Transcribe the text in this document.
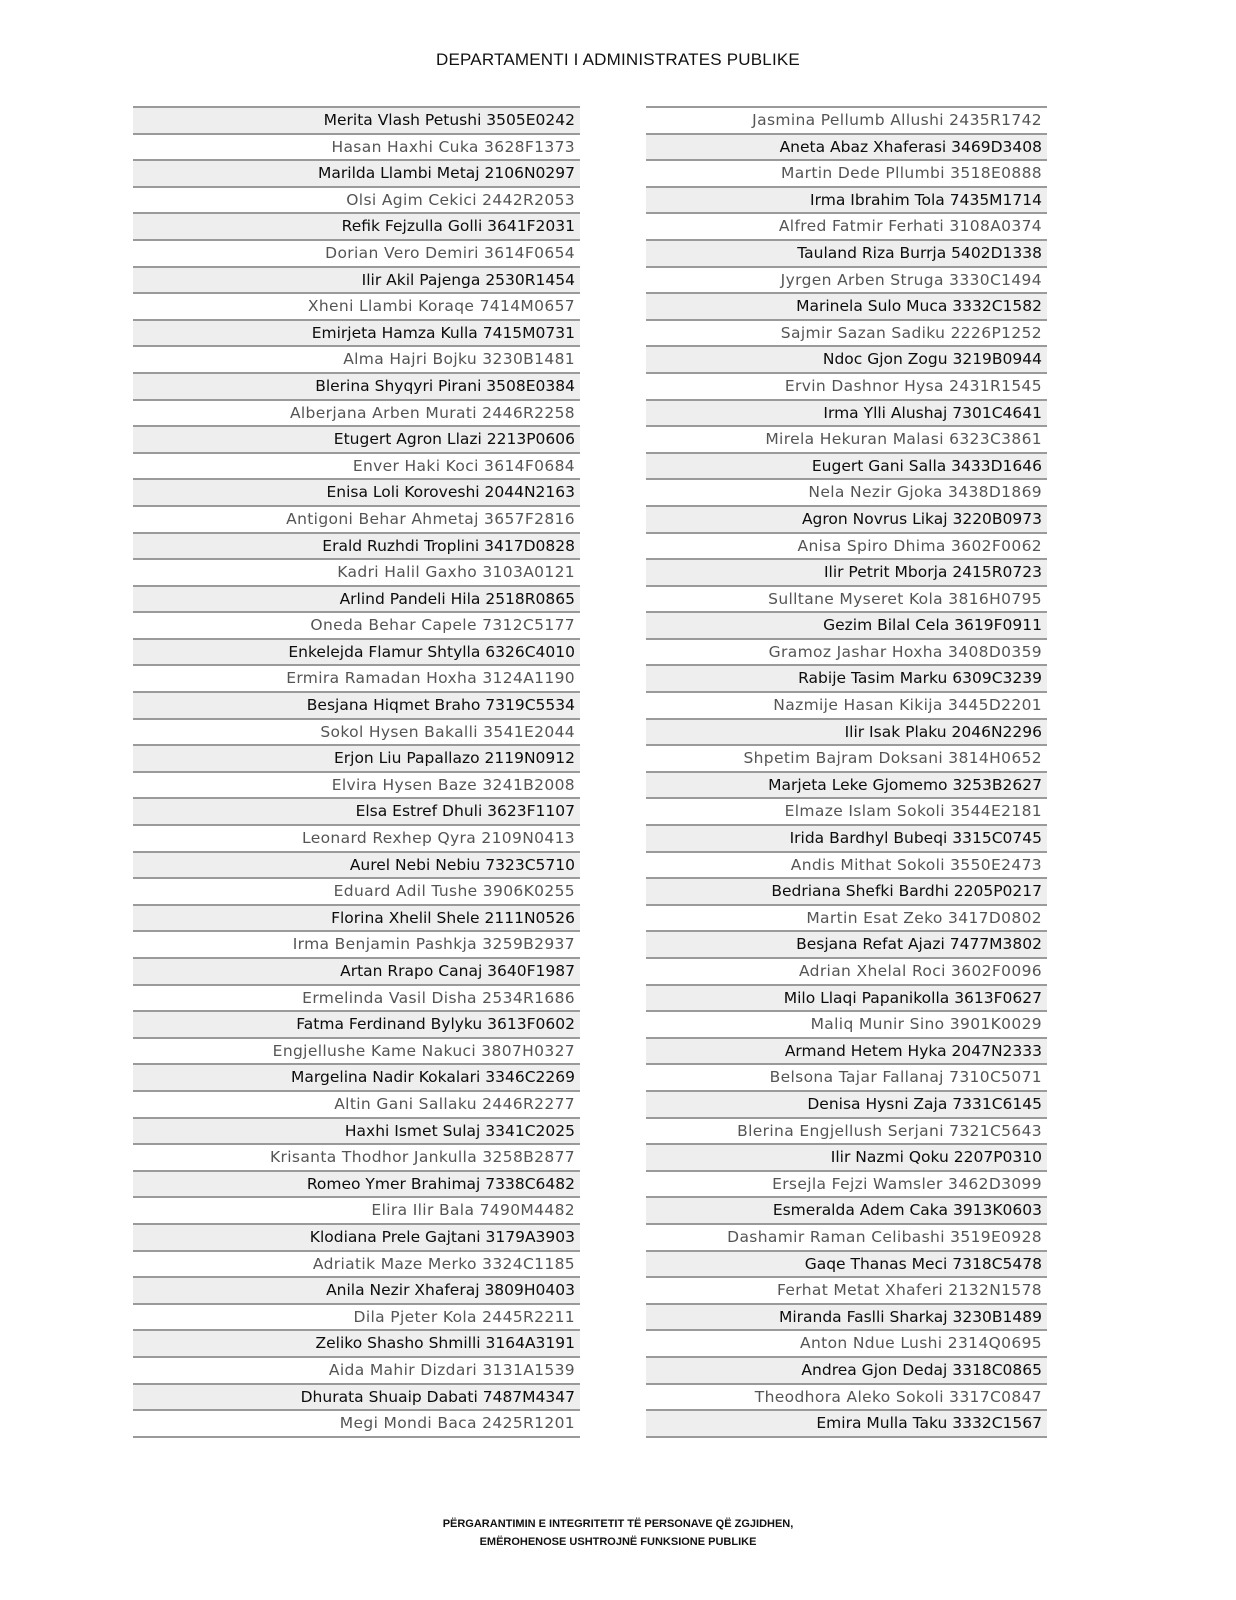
DEPARTAMENTI I ADMINISTRATES PUBLIKE
Merita Vlash Petushi 3505E0242
Hasan Haxhi Cuka 3628F1373
Marilda Llambi Metaj 2106N0297
Olsi Agim Cekici 2442R2053
Refik Fejzulla Golli 3641F2031
Dorian Vero Demiri 3614F0654
Ilir Akil Pajenga 2530R1454
Xheni Llambi Koraqe 7414M0657
Emirjeta Hamza Kulla 7415M0731
Alma Hajri Bojku 3230B1481
Blerina Shyqyri Pirani 3508E0384
Alberjana Arben Murati 2446R2258
Etugert Agron Llazi 2213P0606
Enver Haki Koci 3614F0684
Enisa Loli Koroveshi 2044N2163
Antigoni Behar Ahmetaj 3657F2816
Erald Ruzhdi Troplini 3417D0828
Kadri Halil Gaxho 3103A0121
Arlind Pandeli Hila 2518R0865
Oneda Behar Capele 7312C5177
Enkelejda Flamur Shtylla 6326C4010
Ermira Ramadan Hoxha 3124A1190
Besjana Hiqmet Braho 7319C5534
Sokol Hysen Bakalli 3541E2044
Erjon Liu Papallazo 2119N0912
Elvira Hysen Baze 3241B2008
Elsa Estref Dhuli 3623F1107
Leonard Rexhep Qyra 2109N0413
Aurel Nebi Nebiu 7323C5710
Eduard Adil Tushe 3906K0255
Florina Xhelil Shele 2111N0526
Irma Benjamin Pashkja 3259B2937
Artan Rrapo Canaj 3640F1987
Ermelinda Vasil Disha 2534R1686
Fatma Ferdinand Bylyku 3613F0602
Engjellushe Kame Nakuci 3807H0327
Margelina Nadir Kokalari 3346C2269
Altin Gani Sallaku 2446R2277
Haxhi Ismet Sulaj 3341C2025
Krisanta Thodhor Jankulla 3258B2877
Romeo Ymer Brahimaj 7338C6482
Elira Ilir Bala 7490M4482
Klodiana Prele Gajtani 3179A3903
Adriatik Maze Merko 3324C1185
Anila Nezir Xhaferaj 3809H0403
Dila Pjeter Kola 2445R2211
Zeliko Shasho Shmilli 3164A3191
Aida Mahir Dizdari 3131A1539
Dhurata Shuaip Dabati 7487M4347
Megi Mondi Baca 2425R1201
Jasmina Pellumb Allushi 2435R1742
Aneta Abaz Xhaferasi 3469D3408
Martin Dede Pllumbi 3518E0888
Irma Ibrahim Tola 7435M1714
Alfred Fatmir Ferhati 3108A0374
Tauland Riza Burrja 5402D1338
Jyrgen Arben Struga 3330C1494
Marinela Sulo Muca 3332C1582
Sajmir Sazan Sadiku 2226P1252
Ndoc Gjon Zogu 3219B0944
Ervin Dashnor Hysa 2431R1545
Irma Ylli Alushaj 7301C4641
Mirela Hekuran Malasi 6323C3861
Eugert Gani Salla 3433D1646
Nela Nezir Gjoka 3438D1869
Agron Novrus Likaj 3220B0973
Anisa Spiro Dhima 3602F0062
Ilir Petrit Mborja 2415R0723
Sulltane Myseret Kola 3816H0795
Gezim Bilal Cela 3619F0911
Gramoz Jashar Hoxha 3408D0359
Rabije Tasim Marku 6309C3239
Nazmije Hasan Kikija 3445D2201
Ilir Isak Plaku 2046N2296
Shpetim Bajram Doksani 3814H0652
Marjeta Leke Gjomemo 3253B2627
Elmaze Islam Sokoli 3544E2181
Irida Bardhyl Bubeqi 3315C0745
Andis Mithat Sokoli 3550E2473
Bedriana Shefki Bardhi 2205P0217
Martin Esat Zeko 3417D0802
Besjana Refat Ajazi 7477M3802
Adrian Xhelal Roci 3602F0096
Milo Llaqi Papanikolla 3613F0627
Maliq Munir Sino 3901K0029
Armand Hetem Hyka 2047N2333
Belsona Tajar Fallanaj 7310C5071
Denisa Hysni Zaja 7331C6145
Blerina Engjellush Serjani 7321C5643
Ilir Nazmi Qoku 2207P0310
Ersejla Fejzi Wamsler 3462D3099
Esmeralda Adem Caka 3913K0603
Dashamir Raman Celibashi 3519E0928
Gaqe Thanas Meci 7318C5478
Ferhat Metat Xhaferi 2132N1578
Miranda Faslli Sharkaj 3230B1489
Anton Ndue Lushi 2314Q0695
Andrea Gjon Dedaj 3318C0865
Theodhora Aleko Sokoli 3317C0847
Emira Mulla Taku 3332C1567
PËRGARANTIMIN E INTEGRITETIT TË PERSONAVE QË ZGJIDHEN,
EMËROHENOSE USHTROJNË FUNKSIONE PUBLIKE
